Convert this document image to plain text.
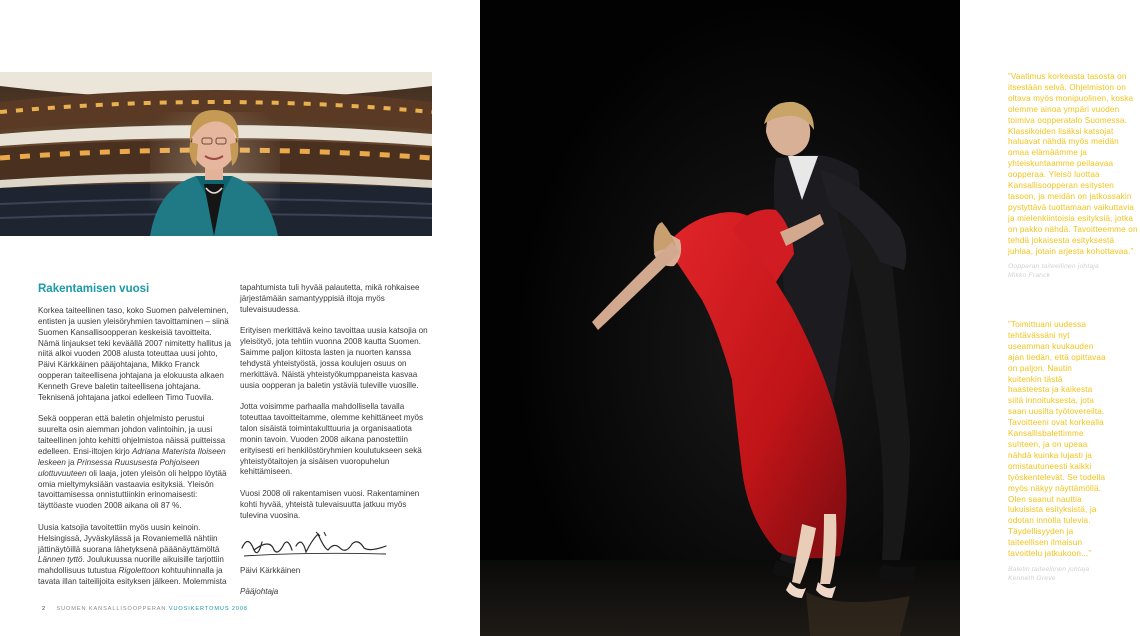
Rakentamisen vuosi

Korkea taiteellinen taso, koko Suomen palveleminen, entisten ja uusien yleisöryhmien tavoittaminen – siinä Suomen Kansallisoopperan keskeisiä tavoitteita. Nämä linjaukset teki keväällä 2007 nimitetty hallitus ja niitä alkoi vuoden 2008 alusta toteuttaa uusi johto, Päivi Kärkkäinen pääjohtajana, Mikko Franck oopperan taiteellisena johtajana ja elokuusta alkaen Kenneth Greve baletin taiteellisena johtajana. Teknisenä johtajana jatkoi edelleen Timo Tuovila.

Sekä oopperan että baletin ohjelmisto perustui suurelta osin aiemman johdon valintoihin, ja uusi taiteellinen johto kehitti ohjelmistoa näissä puitteissa edelleen. Ensi-iltojen kirjo Adriana Materista Iloiseen leskeen ja Prinsessa Ruususesta Pohjoiseen ulottuvuuteen oli laaja, joten yleisön oli helppo löytää omia mieltymyksiään vastaavia esityksiä. Yleisön tavoittamisessa onnistuttiinkin erinomaisesti: täyttöaste vuoden 2008 aikana oli 87 %.

Uusia katsojia tavoitettiin myös uusin keinoin. Helsingissä, Jyväskylässä ja Rovaniemellä nähtiin jättinäytöillä suorana lähetyksenä pääänäyttämöltä Lännen tyttö. Joulukuussa nuorille aikuisille tarjottiin mahdollisuus tutustua Rigolettoon kohtuuhinnalla ja tavata illan taiteilijoita esityksen jälkeen. Molemmista

tapahtumista tuli hyvää palautetta, mikä rohkaisee järjestämään samantyyppisiä iltoja myös tulevaisuudessa.

Erityisen merkittävä keino tavoittaa uusia katsojia on yleisötyö, jota tehtiin vuonna 2008 kautta Suomen. Saimme paljon kiitosta lasten ja nuorten kanssa tehdystä yhteistyöstä, jossa koulujen osuus on merkittävä. Näistä yhteistyökumppaneista kasvaa uusia oopperan ja baletin ystäviä tuleville vuosille.

Jotta voisimme parhaalla mahdollisella tavalla toteuttaa tavoitteitamme, olemme kehittäneet myös talon sisäistä toimintakulttuuria ja organisaatiota monin tavoin. Vuoden 2008 aikana panostettiin erityisesti eri henkilöstöryhmien koulutukseen sekä yhteistyötaitojen ja sisäisen vuoropuhelun kehittämiseen.

Vuosi 2008 oli rakentamisen vuosi. Rakentaminen kohti hyvää, yhteistä tulevaisuutta jatkuu myös tulevina vuosina.

Päivi Kärkkäinen

Pääjohtaja

2 SUOMEN KANSALLISOOPPERAN VUOSIKERTOMUS 2008

”Vaatimus korkeasta tasosta on itsestään selvä. Ohjelmiston on oltava myös monipuolinen, koska olemme ainoa ympäri vuoden toimiva oopperatalo Suomessa. Klassikoiden lisäksi katsojat haluavat nähdä myös meidän omaa elämäämme ja yhteiskuntaamme peilaavaa oopperaa. Yleisö luottaa Kansallisoopperan esitysten tasoon, ja meidän on jatkossakin pystyttävä tuottamaan vaikuttavia ja mielenkiintoisia esityksiä, jotka on pakko nähdä. Tavoitteemme on tehdä jokaisesta esityksestä juhlaa, jotain arjesta kohottavaa.”

Oopperan taiteellinen johtaja
Mikko Franck

”Toimittuani uudessa tehtävässäni nyt useamman kuukauden ajan tiedän, että opittavaa on paljon. Nautin kuitenkin tästä haasteesta ja kaikesta siitä innoituksesta, jota saan uusilta työtovereilta. Tavoitteeni ovat korkealla Kansallisbalettimme suhteen, ja on upeaa nähdä kuinka lujasti ja omistautuneesti kaikki työskentelevät. Se todella myös näkyy näyttämöllä. Olen saanut nauttia lukuisista esityksistä, ja odotan innolla tulevia. Täydellisyyden ja taiteellisen ilmaisun tavoittelu jatkukoon...”

Baletin taiteellinen johtaja
Kenneth Greve
